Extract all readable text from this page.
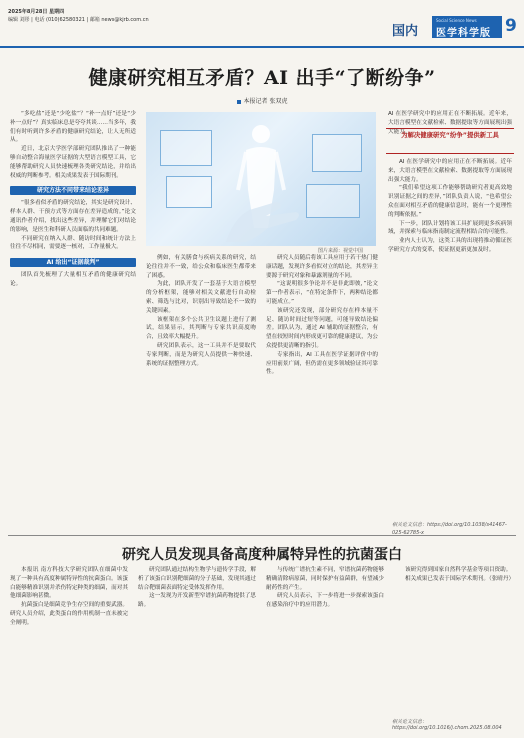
2025年8月28日 星期四
编辑 刘彤 | 电话 (010)62580321 | 邮箱 news@kjrb.com.cn
国内
Social Science News
医学科学版 9
健康研究相互矛盾？AI 出手“了断纷争”
本报记者 张双虎

“多吃盐”还是“少吃盐”？“补一点好”还是“少补一点好”？真实临床总是夸夸其谈……当多年，我们有时听到许多矛盾的健康研究结论，让人无所适从。

近日，北京大学医学部研究团队推出了一种能够自动整合海量医学证据的大型语言模型工具，它能够帮助研究人员快速梳理各类研究结论，并给出权威的判断参考。相关成果发表于国际期刊。

研究方法不同带来结论差异

“很多看似矛盾的研究结论，其实是研究设计、样本人群、干预方式等方面存在差异造成的。”论文通讯作者介绍，找出这些差异，并理解它们对结论的影响，是医生和科研人员面临的共同难题。

不同研究在纳入人群、随访时间和统计方法上往往不尽相同，需要逐一核对，工作量极大。

AI 给出“证据裁判”

团队首先梳理了大量相互矛盾的健康研究结论。

图片来源：视觉中国

例如，有关膳食与疾病关系的研究，结论往往并不一致，给公众和临床医生都带来了困惑。

为此，团队开发了一套基于大语言模型的分析框架，能够对相关文献进行自动检索、筛选与比对，识别出导致结论不一致的关键因素。

该框架在多个公共卫生议题上进行了测试，结果显示，其判断与专家共识高度吻合，且效率大幅提升。

研究团队表示，这一工具并不是要取代专家判断，而是为研究人员提供一种快速、系统的证据整理方式。

研究人员随后将该工具应用于若干热门健康话题，发现许多看似对立的结论，其差异主要源于研究对象和暴露剂量的不同。

“这说明很多争论并不是非此即彼，”论文第一作者表示，“在特定条件下，两种结论都可能成立。”

该研究还发现，部分研究存在样本量不足、随访时间过短等问题，可能导致结论偏差。团队认为，通过 AI 辅助的证据整合，有望在较短时间内形成更可靠的健康建议，为公众提供更清晰的指引。

专家指出，AI 工具在医学证据评价中的应用前景广阔，但仍需在更多领域验证其可靠性。

AI 在医学研究中的应用正在不断拓展。近年来，大语言模型在文献检索、数据提取等方面展现出强大能力。

为解决健康研究“纷争”提供新工具

AI 在医学研究中的应用正在不断拓展。近年来，大语言模型在文献检索、数据提取等方面展现出强大能力。

“我们希望这项工作能够帮助研究者更高效地识别证据之间的差异，”团队负责人说，“也希望公众在面对相互矛盾的健康信息时，能有一个更理性的判断依据。”

下一步，团队计划将该工具扩展到更多疾病领域，并探索与临床指南制定流程相结合的可能性。

业内人士认为，这类工具的出现将推动循证医学研究方式的变革，使证据更新更加及时。

相关论文信息：https://doi.org/10.1038/s41467-025-62785-x
研究人员发现具备高度种属特异性的抗菌蛋白

本报讯 南方科技大学研究团队在细菌中发现了一种具有高度种属特异性的抗菌蛋白。该蛋白能够精准识别并杀伤特定种类的细菌，而对其他细菌影响甚微。

抗菌蛋白是细菌竞争生存空间的重要武器。研究人员介绍，此类蛋白的作用机制一直未被完全阐明。

研究团队通过结构生物学与遗传学手段，解析了该蛋白识别靶细菌的分子基础，发现其通过结合靶细菌表面特定受体发挥作用。

这一发现为开发新型窄谱抗菌药物提供了思路。

与传统广谱抗生素不同，窄谱抗菌药物能够精确清除病原菌，同时保护有益菌群，有望减少耐药性的产生。

研究人员表示，下一步将进一步探索该蛋白在感染治疗中的应用潜力。

该研究得到国家自然科学基金等项目资助。

相关成果已发表于国际学术期刊。（张晴丹）

相关论文信息：https://doi.org/10.1016/j.chom.2025.08.004
